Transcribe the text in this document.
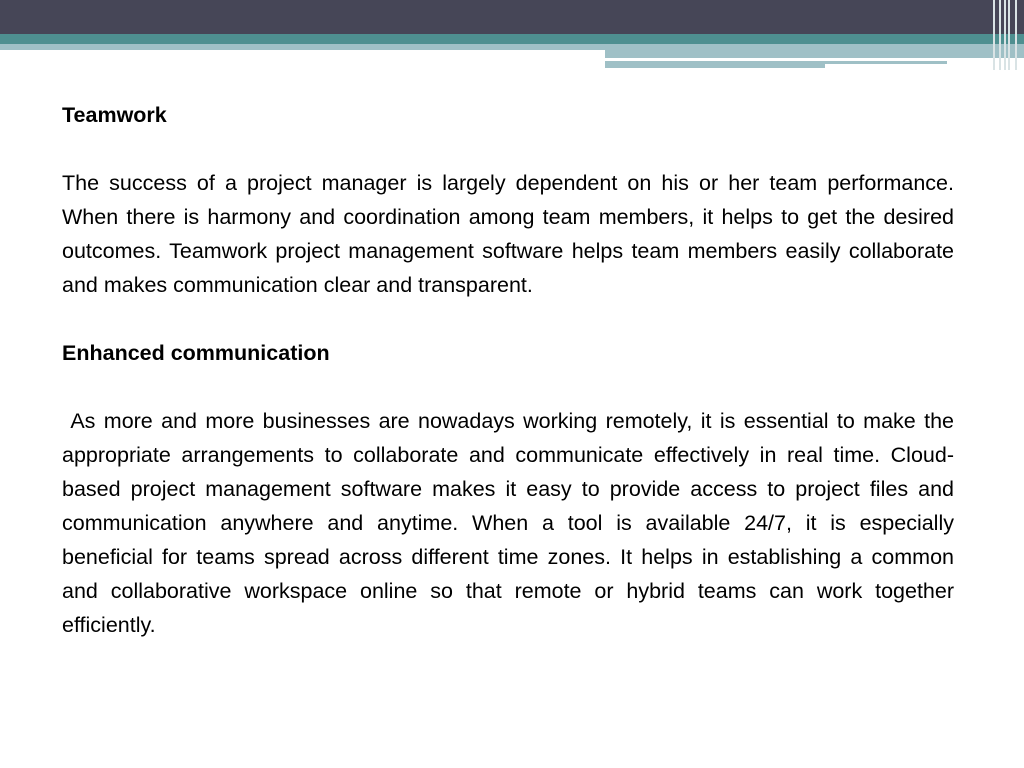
Teamwork

The success of a project manager is largely dependent on his or her team performance. When there is harmony and coordination among team members, it helps to get the desired outcomes. Teamwork project management software helps team members easily collaborate and makes communication clear and transparent.

Enhanced communication

As more and more businesses are nowadays working remotely, it is essential to make the appropriate arrangements to collaborate and communicate effectively in real time. Cloud-based project management software makes it easy to provide access to project files and communication anywhere and anytime. When a tool is available 24/7, it is especially beneficial for teams spread across different time zones. It helps in establishing a common and collaborative workspace online so that remote or hybrid teams can work together efficiently.
